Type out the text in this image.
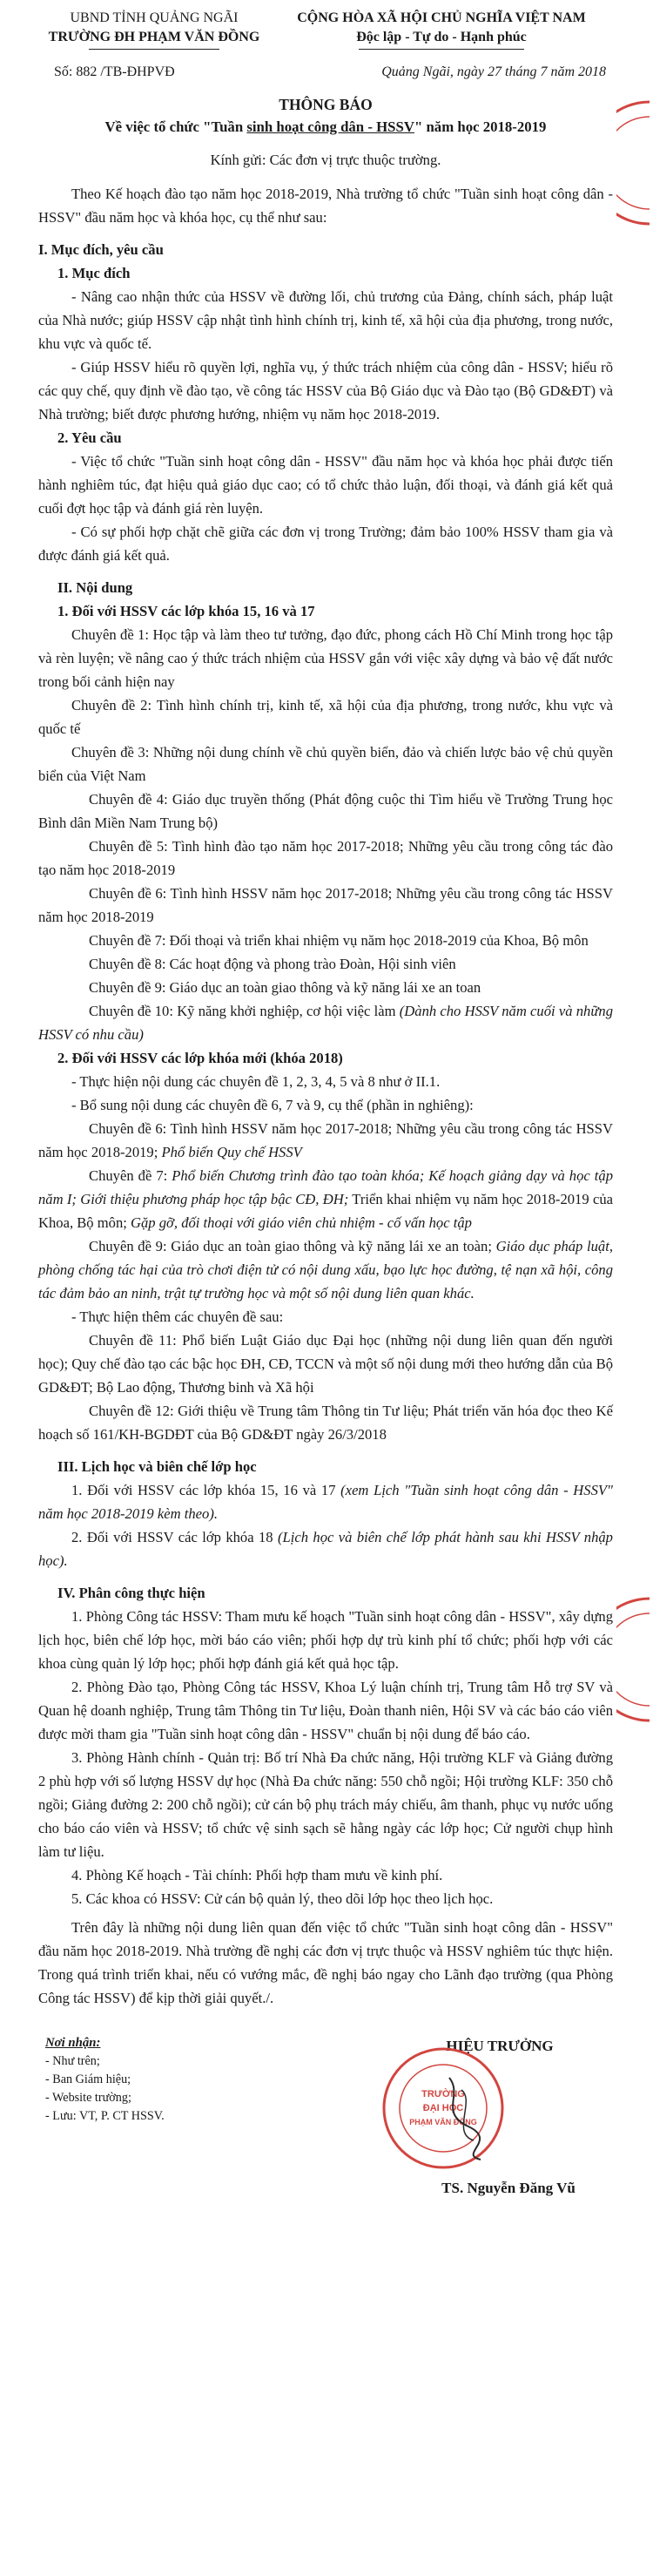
UBND TỈNH QUẢNG NGÃI
TRƯỜNG ĐH PHẠM VĂN ĐỒNG
CỘNG HÒA XÃ HỘI CHỦ NGHĨA VIỆT NAM
Độc lập - Tự do - Hạnh phúc
Số: 882 /TB-ĐHPVĐ	Quảng Ngãi, ngày 27 tháng 7 năm 2018
THÔNG BÁO
Về việc tổ chức "Tuần sinh hoạt công dân - HSSV" năm học 2018-2019
Kính gửi: Các đơn vị trực thuộc trường.

Theo Kế hoạch đào tạo năm học 2018-2019, Nhà trường tổ chức "Tuần sinh hoạt công dân - HSSV" đầu năm học và khóa học, cụ thể như sau:

I. Mục đích, yêu cầu

1. Mục đích

- Nâng cao nhận thức của HSSV về đường lối, chủ trương của Đảng, chính sách, pháp luật của Nhà nước; giúp HSSV cập nhật tình hình chính trị, kinh tế, xã hội của địa phương, trong nước, khu vực và quốc tế.

- Giúp HSSV hiểu rõ quyền lợi, nghĩa vụ, ý thức trách nhiệm của công dân - HSSV; hiểu rõ các quy chế, quy định về đào tạo, về công tác HSSV của Bộ Giáo dục và Đào tạo (Bộ GD&ĐT) và Nhà trường; biết được phương hướng, nhiệm vụ năm học 2018-2019.

2. Yêu cầu

- Việc tổ chức "Tuần sinh hoạt công dân - HSSV" đầu năm học và khóa học phải được tiến hành nghiêm túc, đạt hiệu quả giáo dục cao; có tổ chức thảo luận, đối thoại, và đánh giá kết quả cuối đợt học tập và đánh giá rèn luyện.

- Có sự phối hợp chặt chẽ giữa các đơn vị trong Trường; đảm bảo 100% HSSV tham gia và được đánh giá kết quả.

II. Nội dung

1. Đối với HSSV các lớp khóa 15, 16 và 17

Chuyên đề 1: Học tập và làm theo tư tưởng, đạo đức, phong cách Hồ Chí Minh trong học tập và rèn luyện; về nâng cao ý thức trách nhiệm của HSSV gắn với việc xây dựng và bảo vệ đất nước trong bối cảnh hiện nay

Chuyên đề 2: Tình hình chính trị, kinh tế, xã hội của địa phương, trong nước, khu vực và quốc tế

Chuyên đề 3: Những nội dung chính về chủ quyền biển, đảo và chiến lược bảo vệ chủ quyền biển của Việt Nam

Chuyên đề 4: Giáo dục truyền thống (Phát động cuộc thi Tìm hiểu về Trường Trung học Bình dân Miền Nam Trung bộ)

Chuyên đề 5: Tình hình đào tạo năm học 2017-2018; Những yêu cầu trong công tác đào tạo năm học 2018-2019

Chuyên đề 6: Tình hình HSSV năm học 2017-2018; Những yêu cầu trong công tác HSSV năm học 2018-2019

Chuyên đề 7: Đối thoại và triển khai nhiệm vụ năm học 2018-2019 của Khoa, Bộ môn

Chuyên đề 8: Các hoạt động và phong trào Đoàn, Hội sinh viên

Chuyên đề 9: Giáo dục an toàn giao thông và kỹ năng lái xe an toan

Chuyên đề 10: Kỹ năng khởi nghiệp, cơ hội việc làm (Dành cho HSSV năm cuối và những HSSV có nhu cầu)

2. Đối với HSSV các lớp khóa mới (khóa 2018)

- Thực hiện nội dung các chuyên đề 1, 2, 3, 4, 5 và 8 như ở II.1.

- Bổ sung nội dung các chuyên đề 6, 7 và 9, cụ thể (phần in nghiêng):

Chuyên đề 6: Tình hình HSSV năm học 2017-2018; Những yêu cầu trong công tác HSSV năm học 2018-2019; Phổ biến Quy chế HSSV

Chuyên đề 7: Phổ biến Chương trình đào tạo toàn khóa; Kế hoạch giảng dạy và học tập năm I; Giới thiệu phương pháp học tập bậc CĐ, ĐH; Triển khai nhiệm vụ năm học 2018-2019 của Khoa, Bộ môn; Gặp gỡ, đối thoại với giáo viên chủ nhiệm - cố vấn học tập

Chuyên đề 9: Giáo dục an toàn giao thông và kỹ năng lái xe an toàn; Giáo dục pháp luật, phòng chống tác hại của trò chơi điện tử có nội dung xấu, bạo lực học đường, tệ nạn xã hội, công tác đảm bảo an ninh, trật tự trường học và một số nội dung liên quan khác.

- Thực hiện thêm các chuyên đề sau:

Chuyên đề 11: Phổ biến Luật Giáo dục Đại học (những nội dung liên quan đến người học); Quy chế đào tạo các bậc học ĐH, CĐ, TCCN và một số nội dung mới theo hướng dẫn của Bộ GD&ĐT; Bộ Lao động, Thương binh và Xã hội

Chuyên đề 12: Giới thiệu về Trung tâm Thông tin Tư liệu; Phát triển văn hóa đọc theo Kế hoạch số 161/KH-BGDĐT của Bộ GD&ĐT ngày 26/3/2018

III. Lịch học và biên chế lớp học

1. Đối với HSSV các lớp khóa 15, 16 và 17 (xem Lịch "Tuần sinh hoạt công dân - HSSV" năm học 2018-2019 kèm theo).

2. Đối với HSSV các lớp khóa 18 (Lịch học và biên chế lớp phát hành sau khi HSSV nhập học).

IV. Phân công thực hiện

1. Phòng Công tác HSSV: Tham mưu kế hoạch "Tuần sinh hoạt công dân - HSSV", xây dựng lịch học, biên chế lớp học, mời báo cáo viên; phối hợp dự trù kinh phí tổ chức; phối hợp với các khoa cùng quản lý lớp học; phối hợp đánh giá kết quả học tập.

2. Phòng Đào tạo, Phòng Công tác HSSV, Khoa Lý luận chính trị, Trung tâm Hỗ trợ SV và Quan hệ doanh nghiệp, Trung tâm Thông tin Tư liệu, Đoàn thanh niên, Hội SV và các báo cáo viên được mời tham gia "Tuần sinh hoạt công dân - HSSV" chuẩn bị nội dung để báo cáo.

3. Phòng Hành chính - Quản trị: Bố trí Nhà Đa chức năng, Hội trường KLF và Giảng đường 2 phù hợp với số lượng HSSV dự học (Nhà Đa chức năng: 550 chỗ ngồi; Hội trường KLF: 350 chỗ ngồi; Giảng đường 2: 200 chỗ ngồi); cử cán bộ phụ trách máy chiếu, âm thanh, phục vụ nước uống cho báo cáo viên và HSSV; tổ chức vệ sinh sạch sẽ hằng ngày các lớp học; Cử người chụp hình làm tư liệu.

4. Phòng Kế hoạch - Tài chính: Phối hợp tham mưu về kinh phí.

5. Các khoa có HSSV: Cử cán bộ quản lý, theo dõi lớp học theo lịch học.

Trên đây là những nội dung liên quan đến việc tổ chức "Tuần sinh hoạt công dân - HSSV" đầu năm học 2018-2019. Nhà trường đề nghị các đơn vị trực thuộc và HSSV nghiêm túc thực hiện. Trong quá trình triển khai, nếu có vướng mắc, đề nghị báo ngay cho Lãnh đạo trường (qua Phòng Công tác HSSV) để kịp thời giải quyết./.

Nơi nhận:
- Như trên;
- Ban Giám hiệu;
- Website trường;
- Lưu: VT, P. CT HSSV.
HIỆU TRƯỞNG
TRƯỜNG
ĐẠI HỌC
PHẠM VĂN ĐỒNG
TS. Nguyễn Đăng Vũ
